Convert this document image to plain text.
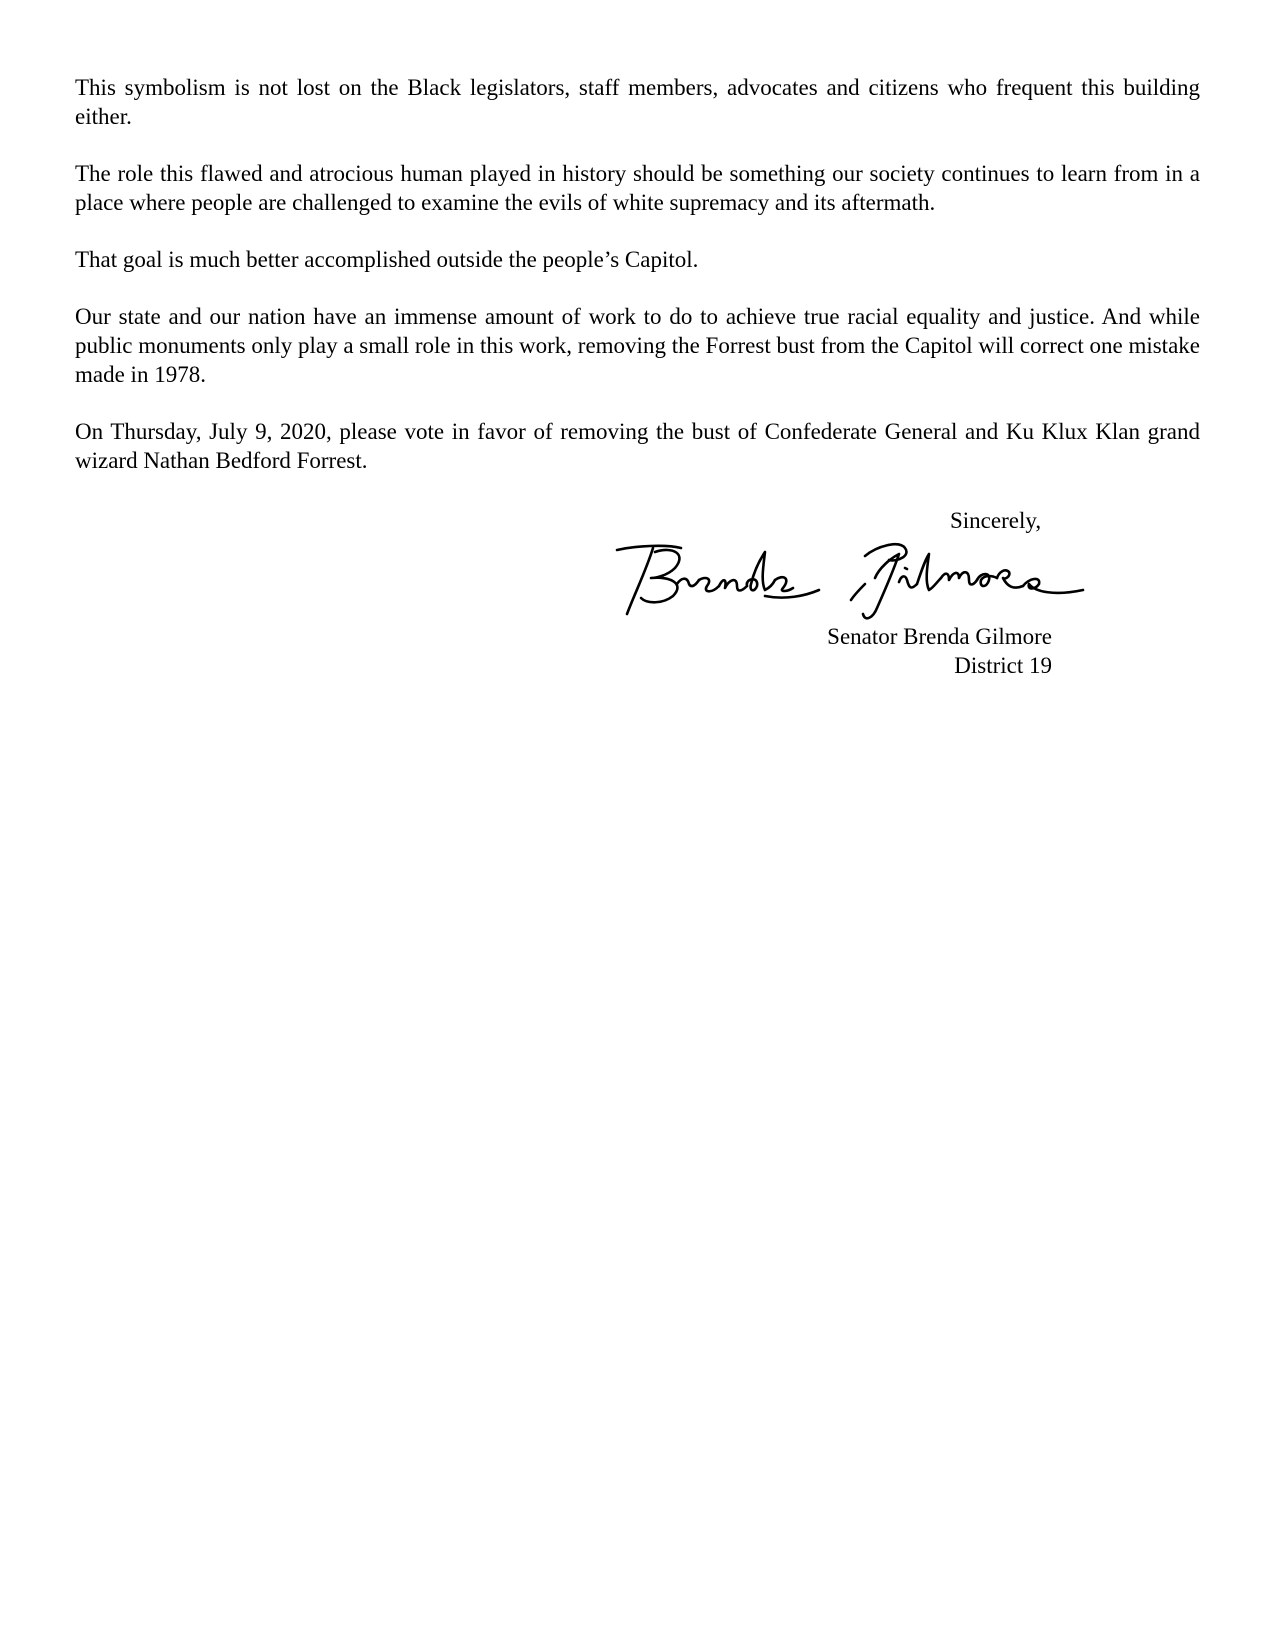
This symbolism is not lost on the Black legislators, staff members, advocates and citizens who frequent this building either.

The role this flawed and atrocious human played in history should be something our society continues to learn from in a place where people are challenged to examine the evils of white supremacy and its aftermath.

That goal is much better accomplished outside the people’s Capitol.

Our state and our nation have an immense amount of work to do to achieve true racial equality and justice. And while public monuments only play a small role in this work, removing the Forrest bust from the Capitol will correct one mistake made in 1978.

On Thursday, July 9, 2020, please vote in favor of removing the bust of Confederate General and Ku Klux Klan grand wizard Nathan Bedford Forrest.

Sincerely,
Senator Brenda Gilmore
District 19
